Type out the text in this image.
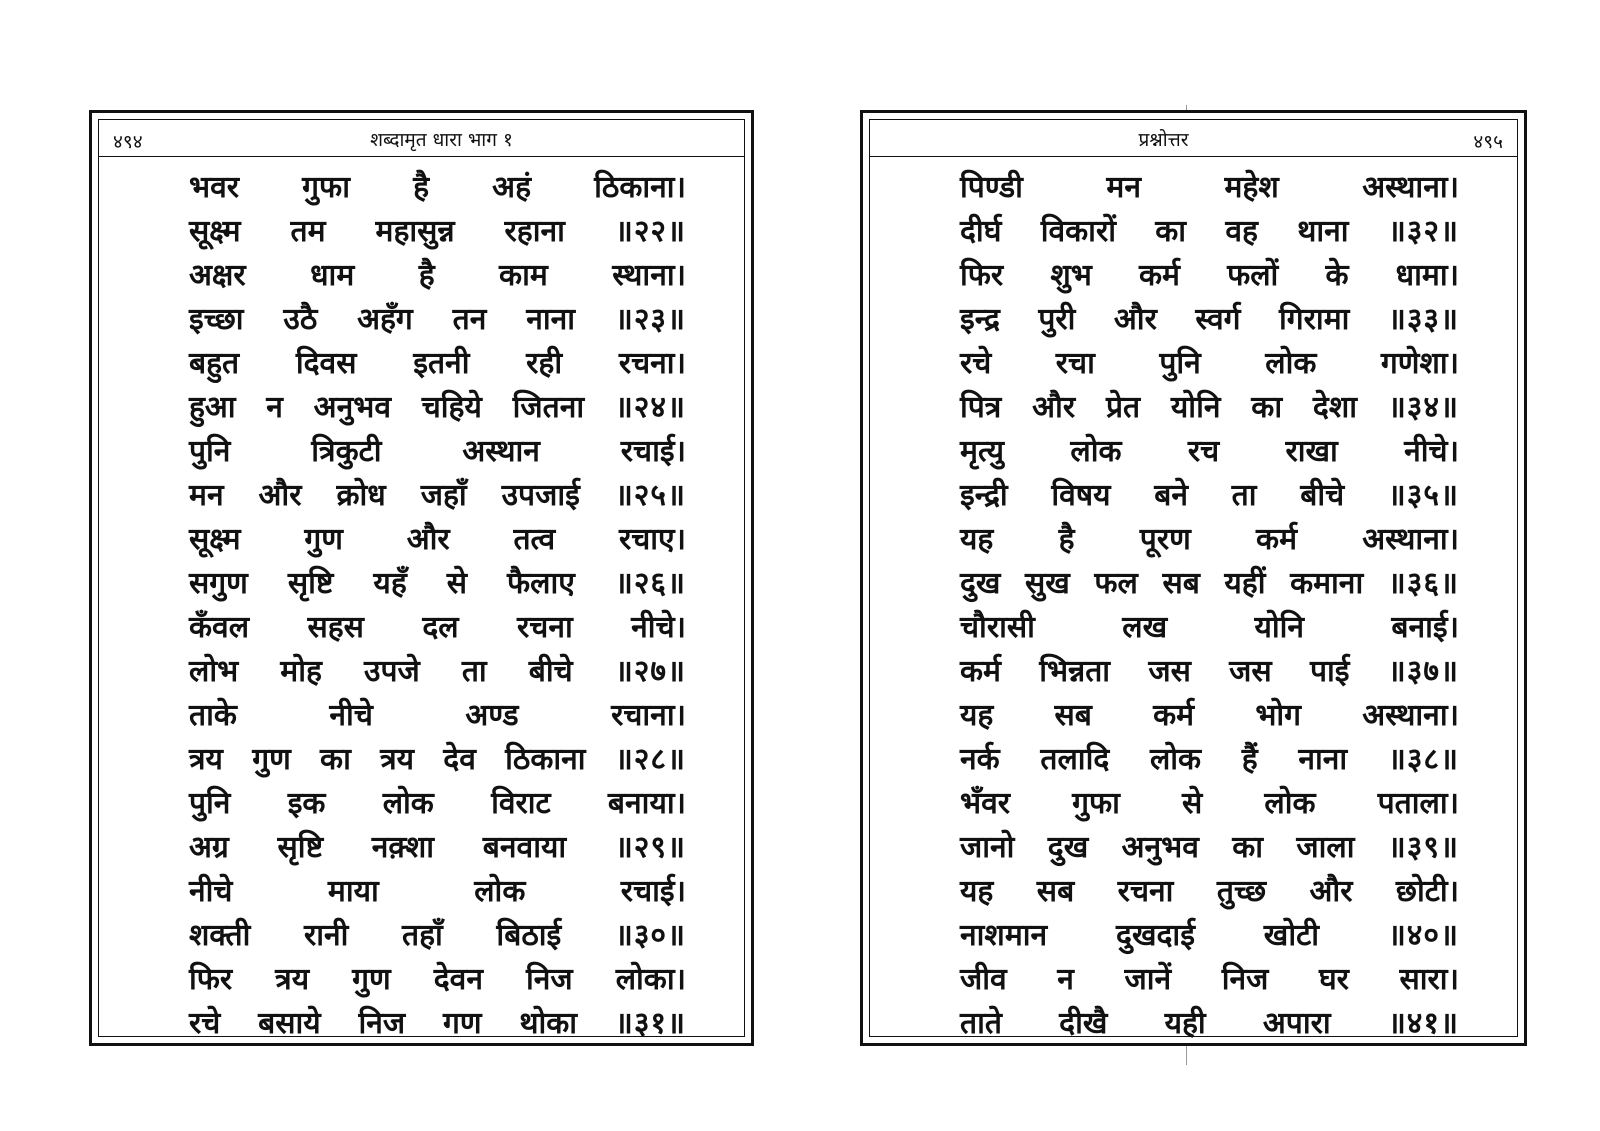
४९४	शब्दामृत धारा भाग १
भवर गुफा है अहं ठिकाना।
सूक्ष्म तम महासुन्न रहाना ॥२२॥
अक्षर धाम है काम स्थाना।
इच्छा उठै अहँग तन नाना ॥२३॥
बहुत दिवस इतनी रही रचना।
हुआ न अनुभव चहिये जितना ॥२४॥
पुनि	त्रिकुटी	अस्थान	रचाई।
मन और क्रोध जहाँ उपजाई ॥२५॥
सूक्ष्म गुण और तत्व रचाए।
सगुण सृष्टि यहँ से फैलाए ॥२६॥
कँवल सहस दल रचना नीचे।
लोभ मोह उपजे ता बीचे ॥२७॥
ताके	नीचे	अण्ड	रचाना।
त्रय गुण का त्रय देव ठिकाना ॥२८॥
पुनि इक लोक विराट बनाया।
अग्र सृष्टि नक़्शा बनवाया ॥२९॥
नीचे	माया	लोक	रचाई।
शक्ती रानी तहाँ बिठाई ॥३०॥
फिर त्रय गुण देवन निज लोका।
रचे बसाये निज गण थोका ॥३१॥
प्रश्नोत्तर	४९५
पिण्डी	मन	महेश	अस्थाना।
दीर्घ विकारों का वह थाना ॥३२॥
फिर शुभ कर्म फलों के धामा।
इन्द्र पुरी और स्वर्ग गिरामा ॥३३॥
रचे रचा पुनि लोक गणेशा।
पित्र और प्रेत योनि का देशा ॥३४॥
मृत्यु लोक रच राखा नीचे।
इन्द्री विषय बने ता बीचे ॥३५॥
यह है पूरण कर्म अस्थाना।
दुख सुख फल सब यहीं कमाना ॥३६॥
चौरासी	लख	योनि	बनाई।
कर्म भिन्नता जस जस पाई ॥३७॥
यह सब कर्म भोग अस्थाना।
नर्क तलादि लोक हैं नाना ॥३८॥
भँवर गुफा से लोक पताला।
जानो दुख अनुभव का जाला ॥३९॥
यह सब रचना तुच्छ और छोटी।
नाशमान दुखदाई खोटी ॥४०॥
जीव न जानें निज घर सारा।
ताते दीखै यही अपारा ॥४१॥
